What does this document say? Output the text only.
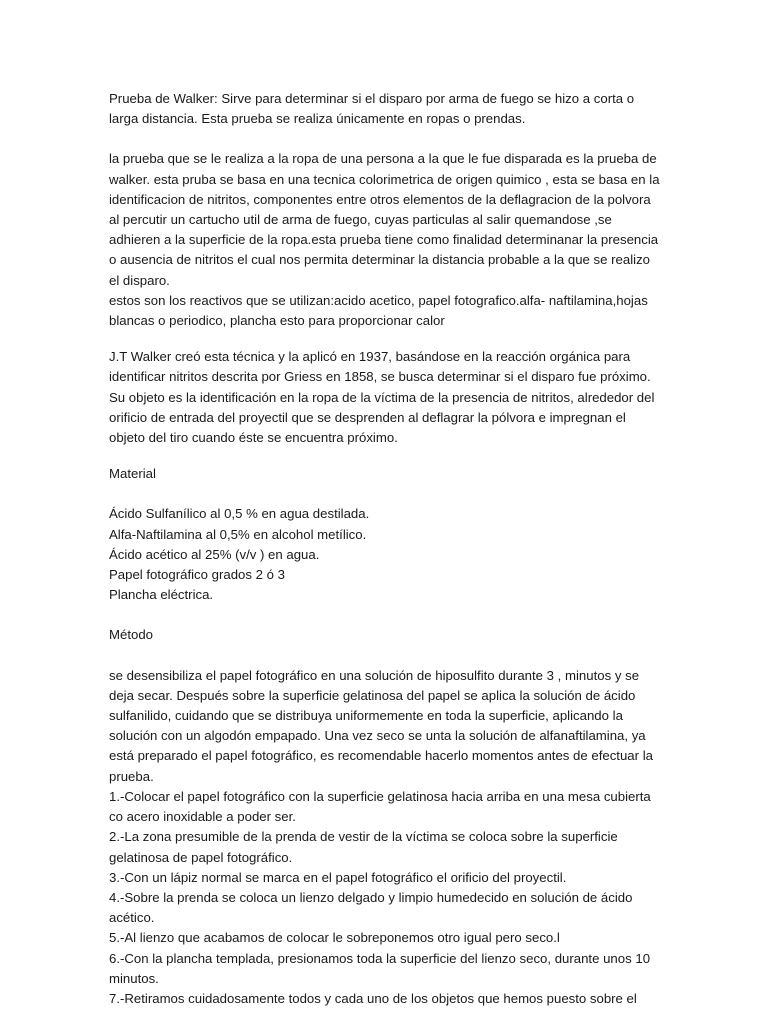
Prueba de Walker: Sirve para determinar si el disparo por arma de fuego se hizo a corta o larga distancia. Esta prueba se realiza únicamente en ropas o prendas.

la prueba que se le realiza a la ropa de una persona a la que le fue disparada es la prueba de walker. esta pruba se basa en una tecnica colorimetrica de origen quimico , esta se basa en la identificacion de nitritos, componentes entre otros elementos de la deflagracion de la polvora al percutir un cartucho util de arma de fuego, cuyas particulas al salir quemandose ,se adhieren a la superficie de la ropa.esta prueba tiene como finalidad determinanar la presencia o ausencia de nitritos el cual nos permita determinar la distancia probable a la que se realizo el disparo.
estos son los reactivos que se utilizan:acido acetico, papel fotografico.alfa- naftilamina,hojas blancas o periodico, plancha esto para proporcionar calor

J.T Walker creó esta técnica y la aplicó en 1937, basándose en la reacción orgánica para identificar nitritos descrita por Griess en 1858, se busca determinar si el disparo fue próximo. Su objeto es la identificación en la ropa de la víctima de la presencia de nitritos, alrededor del orificio de entrada del proyectil que se desprenden al deflagrar la pólvora e impregnan el objeto del tiro cuando éste se encuentra próximo.

Material

Ácido Sulfanílico al 0,5 % en agua destilada.

Alfa-Naftilamina al 0,5% en alcohol metílico.

Ácido acético al 25% (v/v ) en agua.

Papel fotográfico grados 2 ó 3

Plancha eléctrica.

Método

se desensibiliza el papel fotográfico en una solución de hiposulfito durante 3 , minutos y se deja secar. Después sobre la superficie gelatinosa del papel se aplica la solución de ácido sulfanilido, cuidando que se distribuya uniformemente en toda la superficie, aplicando la solución con un algodón empapado. Una vez seco se unta la solución de alfanaftilamina, ya está preparado el papel fotográfico, es recomendable hacerlo momentos antes de efectuar la prueba.

1.-Colocar el papel fotográfico con la superficie gelatinosa hacia arriba en una mesa cubierta co acero inoxidable a poder ser.

2.-La zona presumible de la prenda de vestir de la víctima se coloca sobre la superficie gelatinosa de papel fotográfico.

3.-Con un lápiz normal se marca en el papel fotográfico el orificio del proyectil.

4.-Sobre la prenda se coloca un lienzo delgado y limpio humedecido en solución de ácido acético.

5.-Al lienzo que acabamos de colocar le sobreponemos otro igual pero seco.l

6.-Con la plancha templada, presionamos toda la superficie del lienzo seco, durante unos 10 minutos.

7.-Retiramos cuidadosamente todos y cada uno de los objetos que hemos puesto sobre el
